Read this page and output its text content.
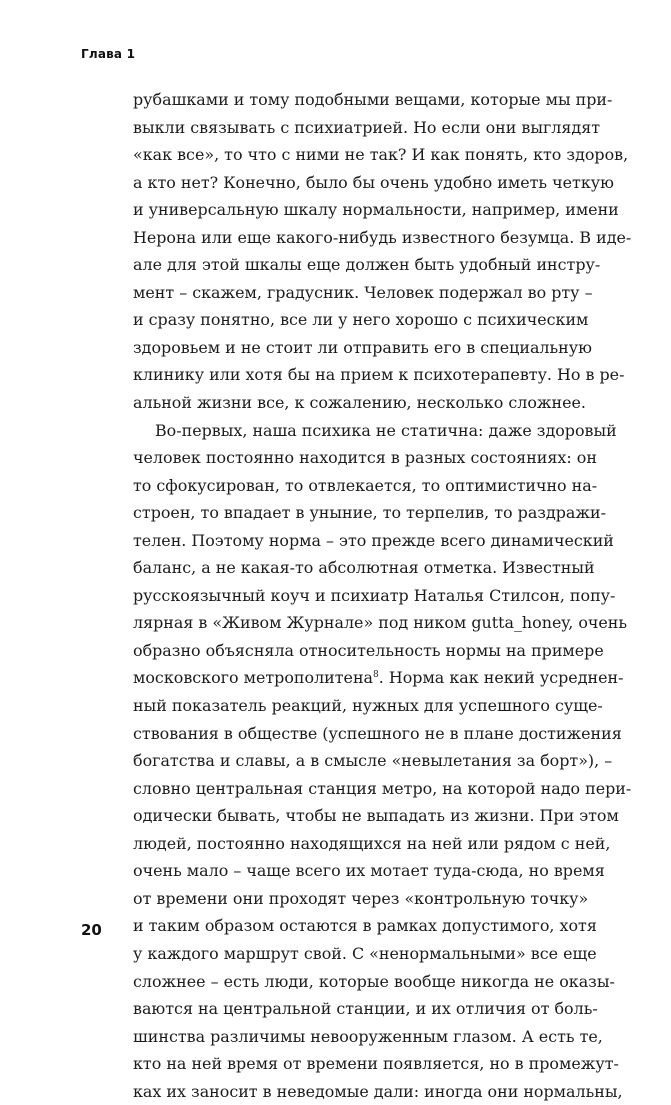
Глава 1
рубашками и тому подобными вещами, которые мы при-
выкли связывать с психиатрией. Но если они выглядят
«как все», то что с ними не так? И как понять, кто здоров,
а кто нет? Конечно, было бы очень удобно иметь четкую
и универсальную шкалу нормальности, например, имени
Нерона или еще какого-нибудь известного безумца. В иде-
але для этой шкалы еще должен быть удобный инстру-
мент – скажем, градусник. Человек подержал во рту –
и сразу понятно, все ли у него хорошо с психическим
здоровьем и не стоит ли отправить его в специальную
клинику или хотя бы на прием к психотерапевту. Но в ре-
альной жизни все, к сожалению, несколько сложнее.
Во-первых, наша психика не статична: даже здоровый
человек постоянно находится в разных состояниях: он
то сфокусирован, то отвлекается, то оптимистично на-
строен, то впадает в уныние, то терпелив, то раздражи-
телен. Поэтому норма – это прежде всего динамический
баланс, а не какая-то абсолютная отметка. Известный
русскоязычный коуч и психиатр Наталья Стилсон, попу-
лярная в «Живом Журнале» под ником gutta_honey, очень
образно объясняла относительность нормы на примере
московского метрополитена$^8$. Норма как некий усреднен-
ный показатель реакций, нужных для успешного суще-
ствования в обществе (успешного не в плане достижения
богатства и славы, а в смысле «невылетания за борт»), –
словно центральная станция метро, на которой надо пери-
одически бывать, чтобы не выпадать из жизни. При этом
людей, постоянно находящихся на ней или рядом с ней,
очень мало – чаще всего их мотает туда-сюда, но время
от времени они проходят через «контрольную точку»
и таким образом остаются в рамках допустимого, хотя
у каждого маршрут свой. С «ненормальными» все еще
сложнее – есть люди, которые вообще никогда не оказы-
ваются на центральной станции, и их отличия от боль-
шинства различимы невооруженным глазом. А есть те,
кто на ней время от времени появляется, но в промежут-
ках их заносит в неведомые дали: иногда они нормальны,
20
